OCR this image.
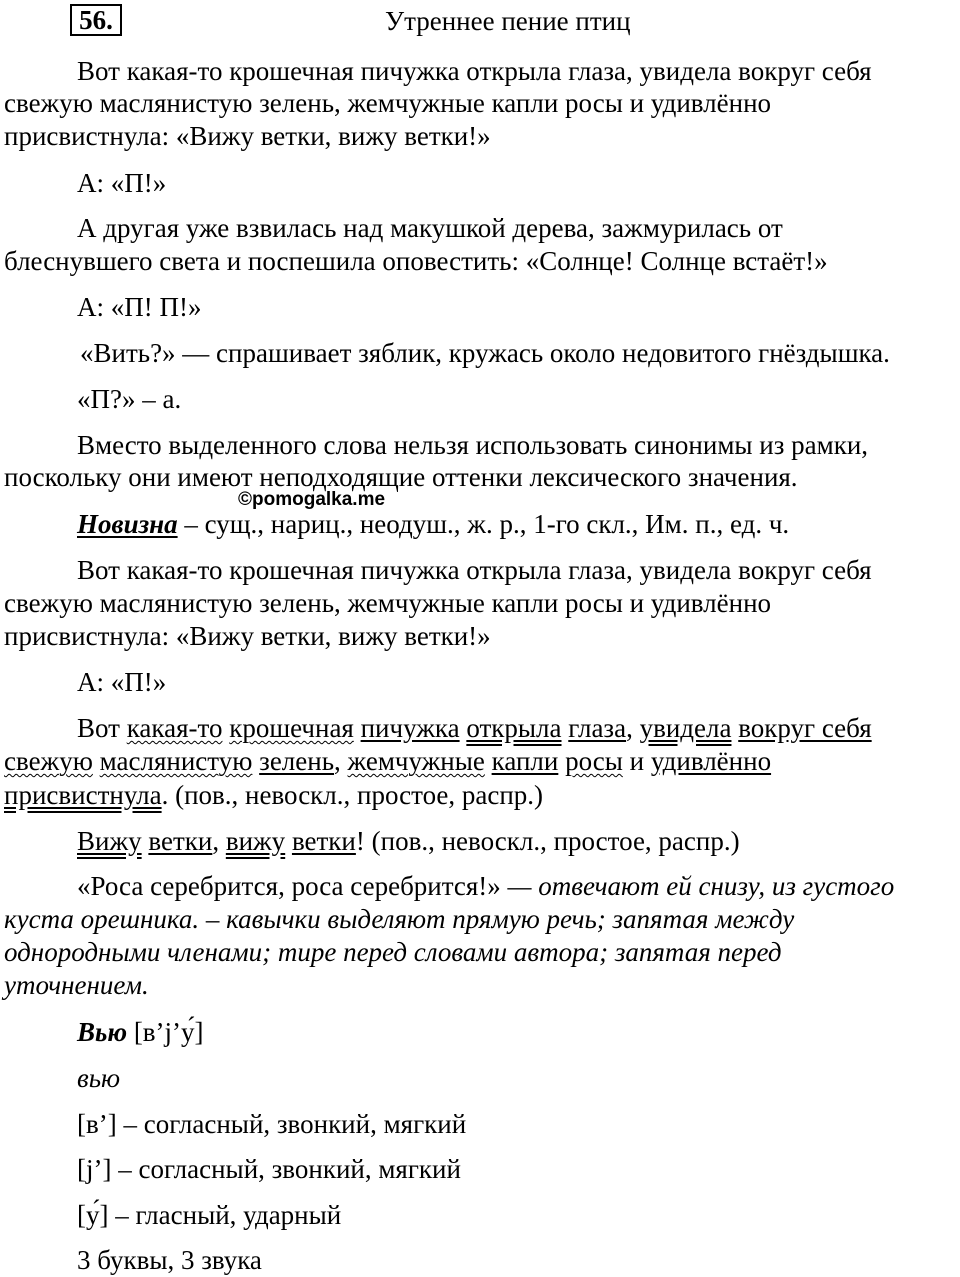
56.	Утреннее пение птиц
Вот какая-то крошечная пичужка открыла глаза, увидела вокруг себя
свежую маслянистую зелень, жемчужные капли росы и удивлённо
присвистнула: «Вижу ветки, вижу ветки!»
А: «П!»
А другая уже взвилась над макушкой дерева, зажмурилась от
блеснувшего света и поспешила оповестить: «Солнце! Солнце встаёт!»
А: «П! П!»
«Вить?» — спрашивает зяблик, кружась около недовитого гнёздышка.
«П?» – а.
Вместо выделенного слова нельзя использовать синонимы из рамки,
поскольку они имеют неподходящие оттенки лексического значения.
©pomogalka.me
Новизна – сущ., нариц., неодуш., ж. р., 1-го скл., Им. п., ед. ч.
Вот какая-то крошечная пичужка открыла глаза, увидела вокруг себя
свежую маслянистую зелень, жемчужные капли росы и удивлённо
присвистнула: «Вижу ветки, вижу ветки!»
А: «П!»
Вот какая-то крошечная пичужка открыла глаза, увидела вокруг себя
свежую маслянистую зелень, жемчужные капли росы и удивлённо
присвистнула. (пов., невоскл., простое, распр.)
Вижу ветки, вижу ветки! (пов., невоскл., простое, распр.)
«Роса серебрится, роса серебрится!» — отвечают ей снизу, из густого
куста орешника. – кавычки выделяют прямую речь; запятая между
однородными членами; тире перед словами автора; запятая перед
уточнением.
Вью [в’j’у́]
вью
[в’] – согласный, звонкий, мягкий
[j’] – согласный, звонкий, мягкий
[у́] – гласный, ударный
3 буквы, 3 звука
